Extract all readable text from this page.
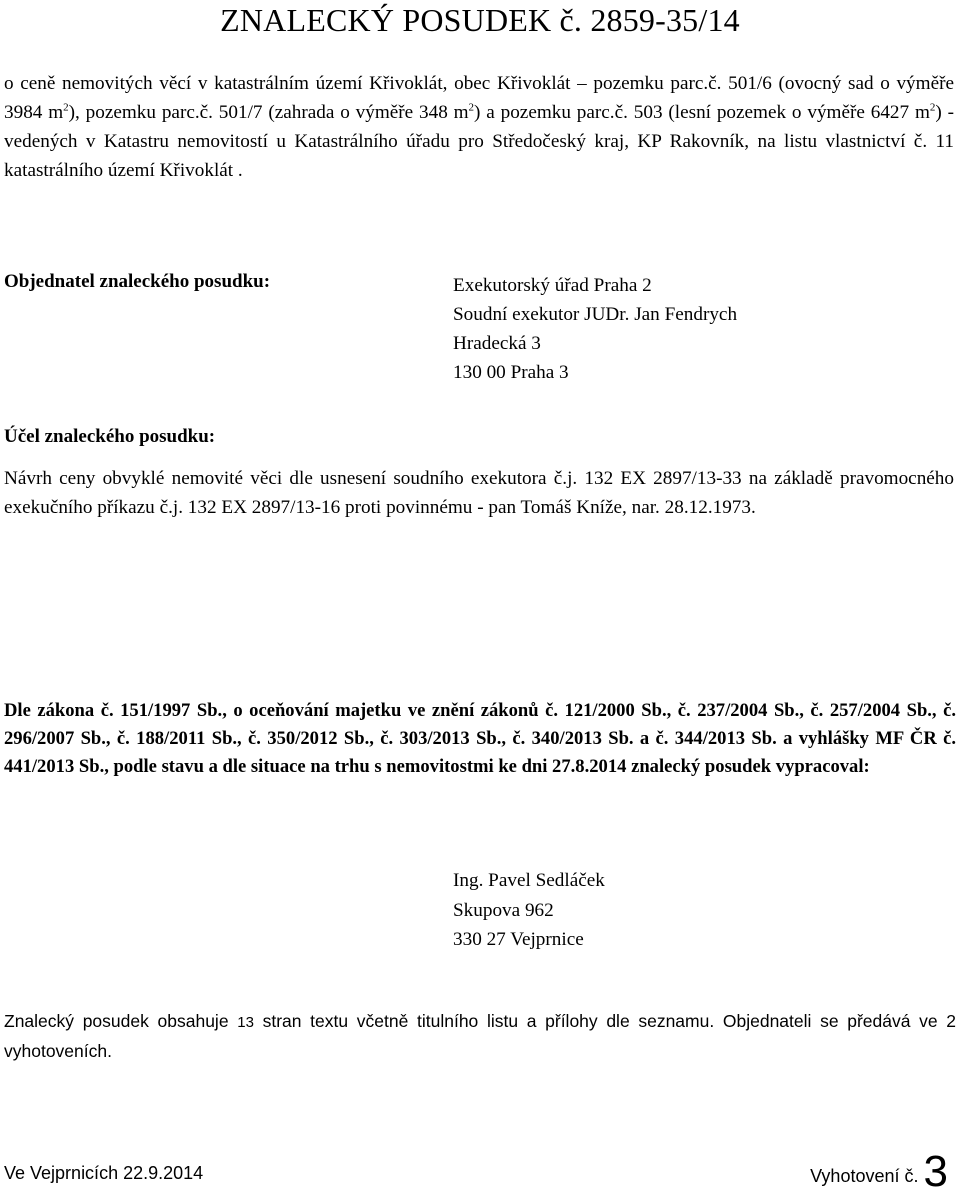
ZNALECKÝ POSUDEK č. 2859-35/14
o ceně nemovitých věcí v katastrálním území Křivoklát, obec Křivoklát – pozemku parc.č. 501/6 (ovocný sad o výměře 3984 $m^2$), pozemku parc.č. 501/7 (zahrada o výměře 348 $m^2$) a pozemku parc.č. 503 (lesní pozemek o výměře 6427 $m^2$) - vedených v Katastru nemovitostí u Katastrálního úřadu pro Středočeský kraj, KP Rakovník, na listu vlastnictví č. 11 katastrálního území Křivoklát .
Objednatel znaleckého posudku:	Exekutorský úřad Praha 2
Soudní exekutor JUDr. Jan Fendrych
Hradecká 3
130 00 Praha 3
Účel znaleckého posudku:
Návrh ceny obvyklé nemovité věci dle usnesení soudního exekutora č.j. 132 EX 2897/13-33 na základě pravomocného exekučního příkazu č.j. 132 EX 2897/13-16 proti povinnému - pan Tomáš Kníže, nar. 28.12.1973.
Dle zákona č. 151/1997 Sb., o oceňování majetku ve znění zákonů č. 121/2000 Sb., č. 237/2004 Sb., č. 257/2004 Sb., č. 296/2007 Sb., č. 188/2011 Sb., č. 350/2012 Sb., č. 303/2013 Sb., č. 340/2013 Sb. a č. 344/2013 Sb. a vyhlášky MF ČR č. 441/2013 Sb., podle stavu a dle situace na trhu s nemovitostmi ke dni 27.8.2014 znalecký posudek vypracoval:
Ing. Pavel Sedláček
Skupova 962
330 27 Vejprnice
Znalecký posudek obsahuje 13 stran textu včetně titulního listu a přílohy dle seznamu. Objednateli se předává ve 2 vyhotoveních.
Ve Vejprnicích 22.9.2014	Vyhotovení č. 3
